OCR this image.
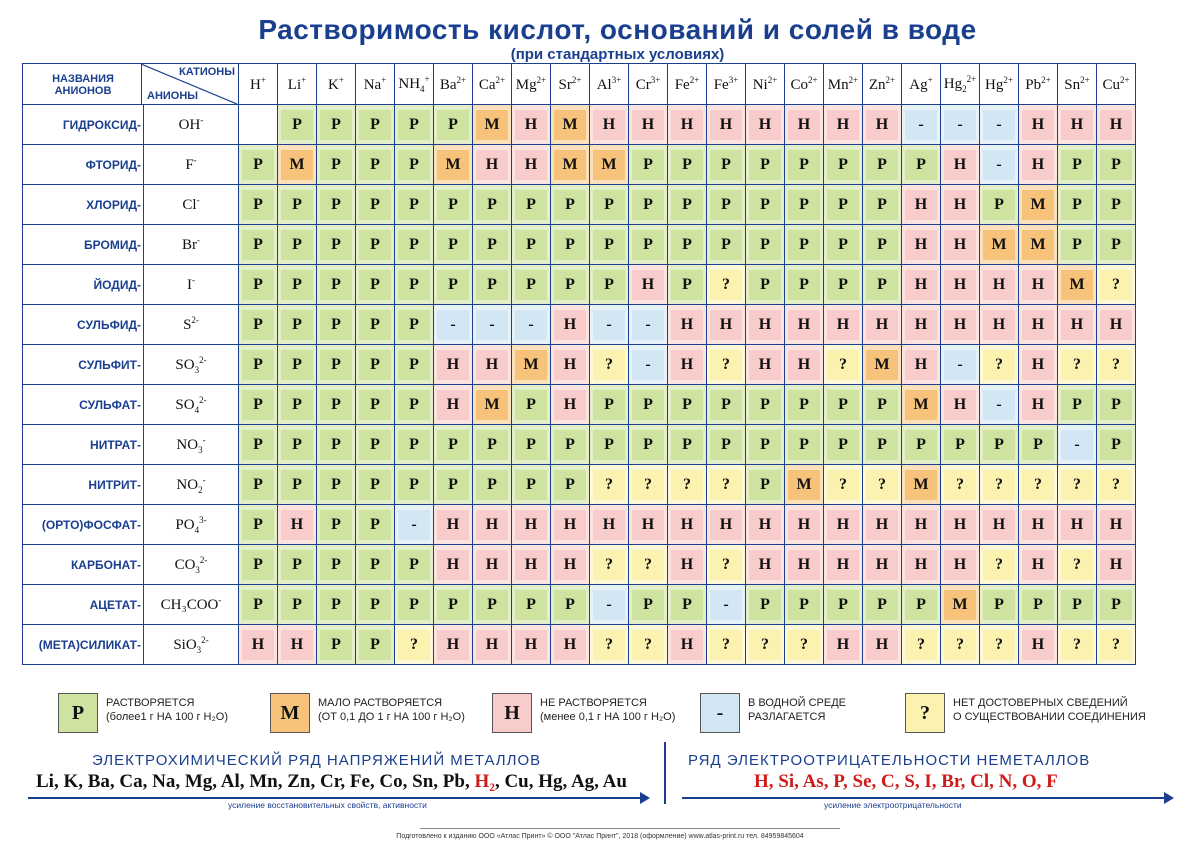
Растворимость кислот, оснований и солей в воде
(при стандартных условиях)
НАЗВАНИЯ
АНИОНОВ
КАТИОНЫ
АНИОНЫ		H+	Li+	K+	Na+	$NH_4^+$	$Ba^{2+}$	$Ca^{2+}$	$Mg^{2+}$	$Sr^{2+}$	$Al^{3+}$	$Cr^{3+}$	$Fe^{2+}$	$Fe^{3+}$	$Ni^{2+}$	$Co^{2+}$	$Mn^{2+}$	$Zn^{2+}$	Ag+	$Hg_2^{2+}$	$Hg^{2+}$	$Pb^{2+}$	$Sn^{2+}$	$Cu^{2+}$
ГИДРОКСИД-	OH-		Р	Р	Р	Р	Р	М	Н	М	Н	Н	Н	Н	Н	Н	Н	Н	-	-	-	Н	Н	Н
ФТОРИД-	F-	Р	М	Р	Р	Р	М	Н	Н	М	М	Р	Р	Р	Р	Р	Р	Р	Р	Н	-	Н	Р	Р
ХЛОРИД-	Cl-	Р	Р	Р	Р	Р	Р	Р	Р	Р	Р	Р	Р	Р	Р	Р	Р	Р	Н	Н	Р	М	Р	Р
БРОМИД-	Br-	Р	Р	Р	Р	Р	Р	Р	Р	Р	Р	Р	Р	Р	Р	Р	Р	Р	Н	Н	М	М	Р	Р
ЙОДИД-	I-	Р	Р	Р	Р	Р	Р	Р	Р	Р	Р	Н	Р	?	Р	Р	Р	Р	Н	Н	Н	Н	М	?
СУЛЬФИД-	$S^{2-}$	Р	Р	Р	Р	Р	-	-	-	Н	-	-	Н	Н	Н	Н	Н	Н	Н	Н	Н	Н	Н	Н
СУЛЬФИТ-	$SO_3^{2-}$	Р	Р	Р	Р	Р	Н	Н	М	Н	?	-	Н	?	Н	Н	?	М	Н	-	?	Н	?	?
СУЛЬФАТ-	$SO_4^{2-}$	Р	Р	Р	Р	Р	Н	М	Р	Н	Р	Р	Р	Р	Р	Р	Р	Р	М	Н	-	Н	Р	Р
НИТРАТ-	$NO_3^-$	Р	Р	Р	Р	Р	Р	Р	Р	Р	Р	Р	Р	Р	Р	Р	Р	Р	Р	Р	Р	Р	-	Р
НИТРИТ-	$NO_2^-$	Р	Р	Р	Р	Р	Р	Р	Р	Р	?	?	?	?	Р	М	?	?	М	?	?	?	?	?
(ОРТО)ФОСФАТ-	$PO_4^{3-}$	Р	Н	Р	Р	-	Н	Н	Н	Н	Н	Н	Н	Н	Н	Н	Н	Н	Н	Н	Н	Н	Н	Н
КАРБОНАТ-	$CO_3^{2-}$	Р	Р	Р	Р	Р	Н	Н	Н	Н	?	?	Н	?	Н	Н	Н	Н	Н	Н	?	Н	?	Н
АЦЕТАТ-	CH₃COO-	Р	Р	Р	Р	Р	Р	Р	Р	Р	-	Р	Р	-	Р	Р	Р	Р	Р	М	Р	Р	Р	Р
(МЕТА)СИЛИКАТ-	SiO$_3^{2-}$	Н	Н	Р	Р	?	Н	Н	Н	Н	?	?	Н	?	?	?	Н	Н	?	?	?	Н	?	?
Р	РАСТВОРЯЕТСЯ
(более1 г НА 100 г H₂O)	М	МАЛО РАСТВОРЯЕТСЯ
(ОТ 0,1 ДО 1 г НА 100 г H₂O)	Н	НЕ РАСТВОРЯЕТСЯ
(менее 0,1 г НА 100 г H₂O)	-	В ВОДНОЙ СРЕДЕ
РАЗЛАГАЕТСЯ	?	НЕТ ДОСТОВЕРНЫХ СВЕДЕНИЙ
О СУЩЕСТВОВАНИИ СОЕДИНЕНИЯ
ЭЛЕКТРОХИМИЧЕСКИЙ РЯД НАПРЯЖЕНИЙ МЕТАЛЛОВ
Li, K, Ba, Ca, Na, Mg, Al, Mn, Zn, Cr, Fe, Co, Sn, Pb, H₂, Cu, Hg, Ag, Au
усиление восстановительных свойств, активности
РЯД ЭЛЕКТРООТРИЦАТЕЛЬНОСТИ НЕМЕТАЛЛОВ
H, Si, As, P, Se, C, S, I, Br, Cl, N, O, F
усиление электроотрицательности
Подготовлено к изданию ООО «Атлас Принт» © ООО "Атлас Принт", 2018 (оформление) www.atlas-print.ru тел. 84959845604
